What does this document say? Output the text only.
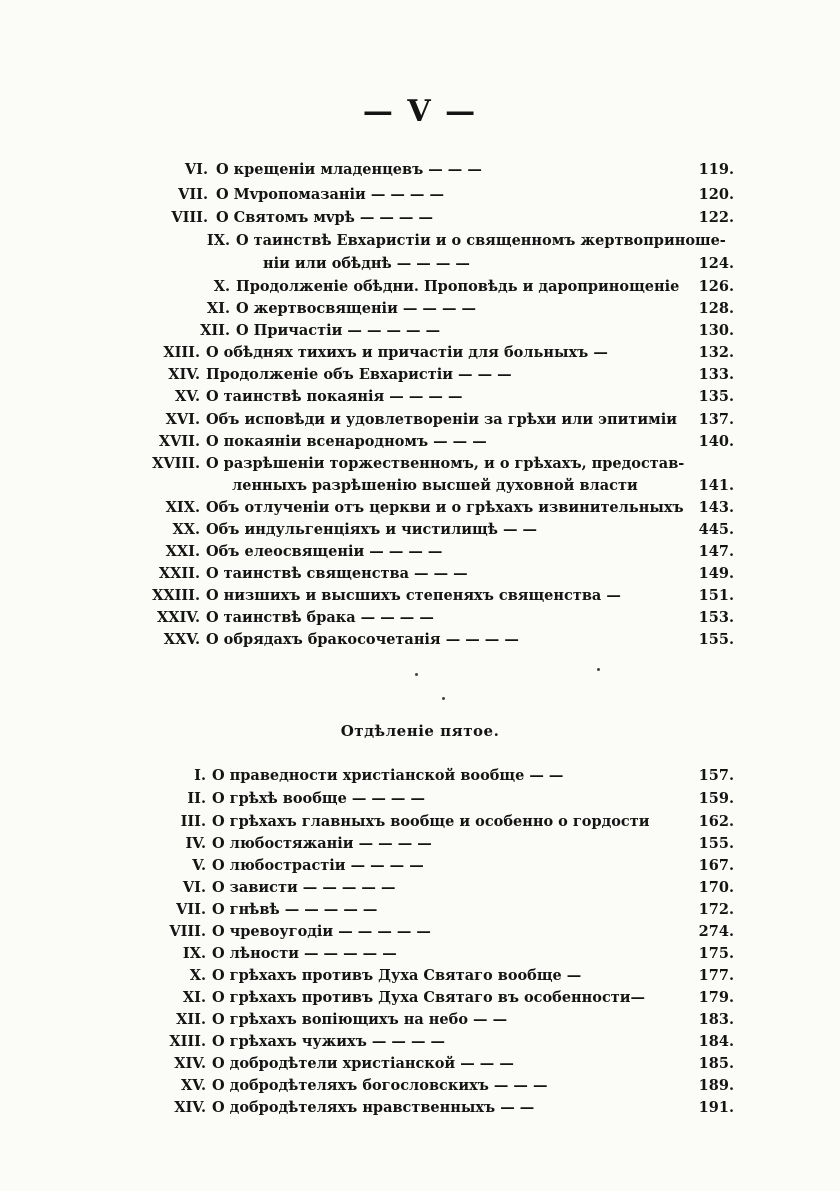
— V —
VI. О крещенiи младенцевъ — — —	119.
VII. О Мvропомазанiи — — — —	120.
VIII. О Святомъ мvрѣ — — — —	122.
IX. О таинствѣ Евхаристiи и о священномъ жертвоприноше-
нiи или обѣднѣ — — — —	124.
X. Продолженiе обѣдни. Проповѣдь и даропринощенiе	126.
XI. О жертвосвященiи — — — —	128.
XII. О Причастiи — — — — —	130.
XIII. О обѣднях тихихъ и причастiи для больныхъ —	132.
XIV. Продолженiе объ Евхаристiи — — —	133.
XV. О таинствѣ покаянiя — — — —	135.
XVI. Объ исповѣди и удовлетворенiи за грѣхи или эпитимiи	137.
XVII. О покаянiи всенародномъ — — —	140.
XVIII. О разрѣшенiи торжественномъ, и о грѣхахъ, предостав-
ленныхъ разрѣшенiю высшей духовной власти	141.
XIX. Объ отлученiи отъ церкви и о грѣхахъ извинительныхъ	143.
XX. Объ индульгенцiяхъ и чистилищѣ — —	445.
XXI. Объ елеосвященiи — — — —	147.
XXII. О таинствѣ священства — — —	149.
XXIII. О низшихъ и высшихъ степеняхъ священства —	151.
XXIV. О таинствѣ брака — — — —	153.
XXV. О обрядахъ бракосочетанiя — — — —	155.
Отдѣленiе пятое.
I. О праведности христiанской вообще — —	157.
II. О грѣхѣ вообще — — — —	159.
III. О грѣхахъ главныхъ вообще и особенно о гордости	162.
IV. О любостяжанiи — — — —	155.
V. О любострастiи — — — —	167.
VI. О зависти — — — — —	170.
VII. О гнѣвѣ — — — — —	172.
VIII. О чревоугодiи — — — — —	274.
IX. О лѣности — — — — —	175.
X. О грѣхахъ противъ Духа Святаго вообще —	177.
XI. О грѣхахъ противъ Духа Святаго въ особенности—	179.
XII. О грѣхахъ вопiющихъ на небо — —	183.
XIII. О грѣхахъ чужихъ — — — —	184.
XIV. О добродѣтели христiанской — — —	185.
XV. О добродѣтеляхъ богословскихъ — — —	189.
XIV. О добродѣтеляхъ нравственныхъ — —	191.
